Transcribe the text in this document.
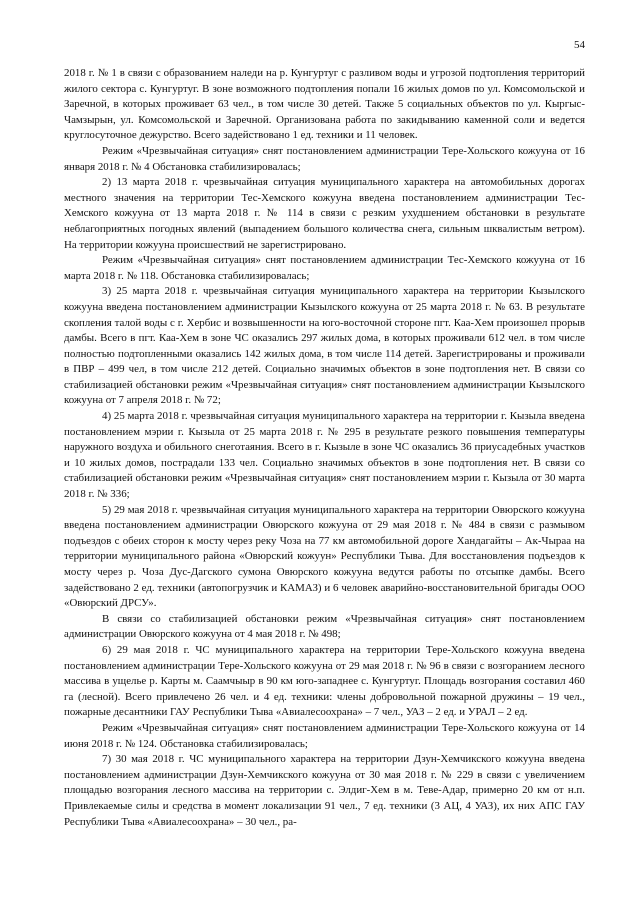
54

2018 г. № 1 в связи с образованием наледи на р. Кунгуртуг с разливом воды и угрозой подтопления территорий жилого сектора с. Кунгуртуг. В зоне возможного подтопления попали 16 жилых домов по ул. Комсомольской и Заречной, в которых проживает 63 чел., в том числе 30 детей. Также 5 социальных объектов по ул. Кыргыс-Чамзырын, ул. Комсомольской и Заречной. Организована работа по закидыванию каменной соли и ведется круглосуточное дежурство. Всего задействовано 1 ед. техники и 11 человек.

Режим «Чрезвычайная ситуация» снят постановлением администрации Тере-Хольского кожууна от 16 января 2018 г. № 4 Обстановка стабилизировалась;

2) 13 марта 2018 г. чрезвычайная ситуация муниципального характера на автомобильных дорогах местного значения на территории Тес-Хемского кожууна введена постановлением администрации Тес-Хемского кожууна от 13 марта 2018 г. № 114 в связи с резким ухудшением обстановки в результате неблагоприятных погодных явлений (выпадением большого количества снега, сильным шквалистым ветром). На территории кожууна происшествий не зарегистрировано.

Режим «Чрезвычайная ситуация» снят постановлением администрации Тес-Хемского кожууна от 16 марта 2018 г. № 118. Обстановка стабилизировалась;

3) 25 марта 2018 г. чрезвычайная ситуация муниципального характера на территории Кызылского кожууна введена постановлением администрации Кызылского кожууна от 25 марта 2018 г. № 63. В результате скопления талой воды с г. Хербис и возвышенности на юго-восточной стороне пгт. Каа-Хем произошел прорыв дамбы. Всего в пгт. Каа-Хем в зоне ЧС оказались 297 жилых дома, в которых проживали 612 чел. в том числе полностью подтопленными оказались 142 жилых дома, в том числе 114 детей. Зарегистрированы и проживали в ПВР – 499 чел, в том числе 212 детей. Социально значимых объектов в зоне подтопления нет. В связи со стабилизацией обстановки режим «Чрезвычайная ситуация» снят постановлением администрации Кызылского кожууна от 7 апреля 2018 г. № 72;

4) 25 марта 2018 г. чрезвычайная ситуация муниципального характера на территории г. Кызыла введена постановлением мэрии г. Кызыла от 25 марта 2018 г. № 295 в результате резкого повышения температуры наружного воздуха и обильного снеготаяния. Всего в г. Кызыле в зоне ЧС оказались 36 приусадебных участков и 10 жилых домов, пострадали 133 чел. Социально значимых объектов в зоне подтопления нет. В связи со стабилизацией обстановки режим «Чрезвычайная ситуация» снят постановлением мэрии г. Кызыла от 30 марта 2018 г. № 336;

5) 29 мая 2018 г. чрезвычайная ситуация муниципального характера на территории Овюрского кожууна введена постановлением администрации Овюрского кожууна от 29 мая 2018 г. № 484 в связи с размывом подъездов с обеих сторон к мосту через реку Чоза на 77 км автомобильной дороге Хандагайты – Ак-Чыраа на территории муниципального района «Овюрский кожуун» Республики Тыва. Для восстановления подъездов к мосту через р. Чоза Дус-Дагского сумона Овюрского кожууна ведутся работы по отсыпке дамбы. Всего задействовано 2 ед. техники (автопогрузчик и КАМАЗ) и 6 человек аварийно-восстановительной бригады ООО «Овюрский ДРСУ».

В связи со стабилизацией обстановки режим «Чрезвычайная ситуация» снят постановлением администрации Овюрского кожууна от 4 мая 2018 г. № 498;

6) 29 мая 2018 г. ЧС муниципального характера на территории Тере-Хольского кожууна введена постановлением администрации Тере-Хольского кожууна от 29 мая 2018 г. № 96 в связи с возгоранием лесного массива в ущелье р. Карты м. Саамчыыр в 90 км юго-западнее с. Кунгуртуг. Площадь возгорания составил 460 га (лесной). Всего привлечено 26 чел. и 4 ед. техники: члены добровольной пожарной дружины – 19 чел., пожарные десантники ГАУ Республики Тыва «Авиалесоохрана» – 7 чел., УАЗ – 2 ед. и УРАЛ – 2 ед.

Режим «Чрезвычайная ситуация» снят постановлением администрации Тере-Хольского кожууна от 14 июня 2018 г. № 124. Обстановка стабилизировалась;

7) 30 мая 2018 г. ЧС муниципального характера на территории Дзун-Хемчикского кожууна введена постановлением администрации Дзун-Хемчикского кожууна от 30 мая 2018 г. № 229 в связи с увеличением площадью возгорания лесного массива на территории с. Элдиг-Хем в м. Теве-Адар, примерно 20 км от н.п. Привлекаемые силы и средства в момент локализации 91 чел., 7 ед. техники (3 АЦ, 4 УАЗ), их них АПС ГАУ Республики Тыва «Авиалесоохрана» – 30 чел., ра-
